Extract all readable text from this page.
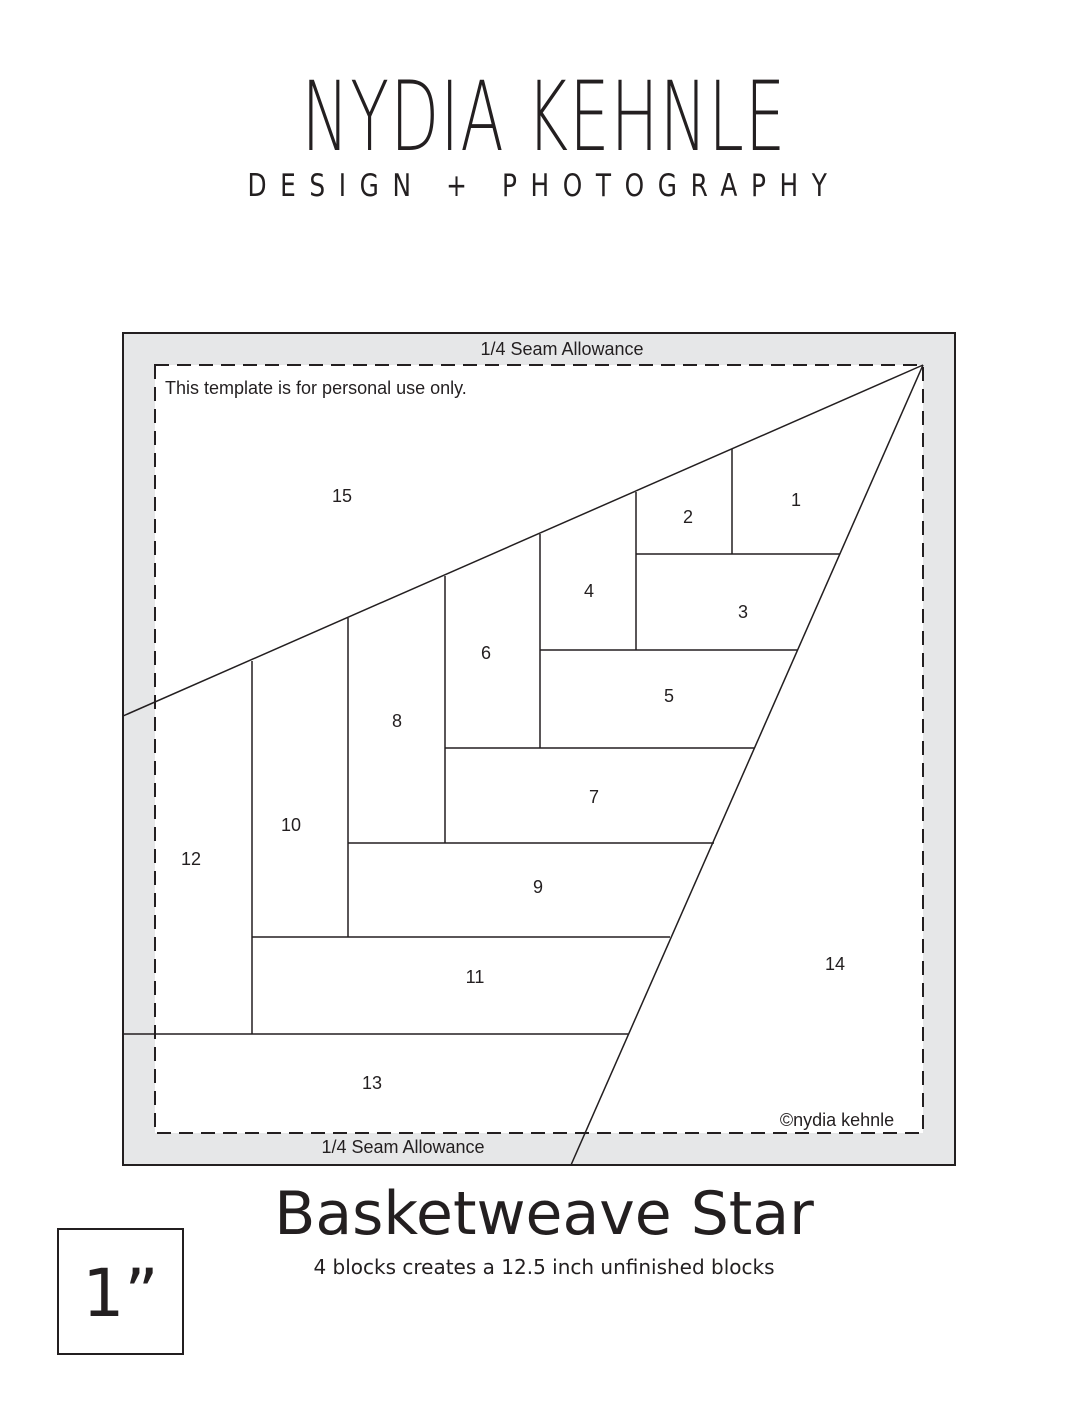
NYDIA KEHNLE
DESIGN + PHOTOGRAPHY
1/4 Seam Allowance
1/4 Seam Allowance
This template is for personal use only.
©nydia kehnle
1
2
3
4
5
6
7
8
9
10
11
12
13
14
15
Basketweave Star
4 blocks creates a 12.5 inch unfinished blocks
1”
